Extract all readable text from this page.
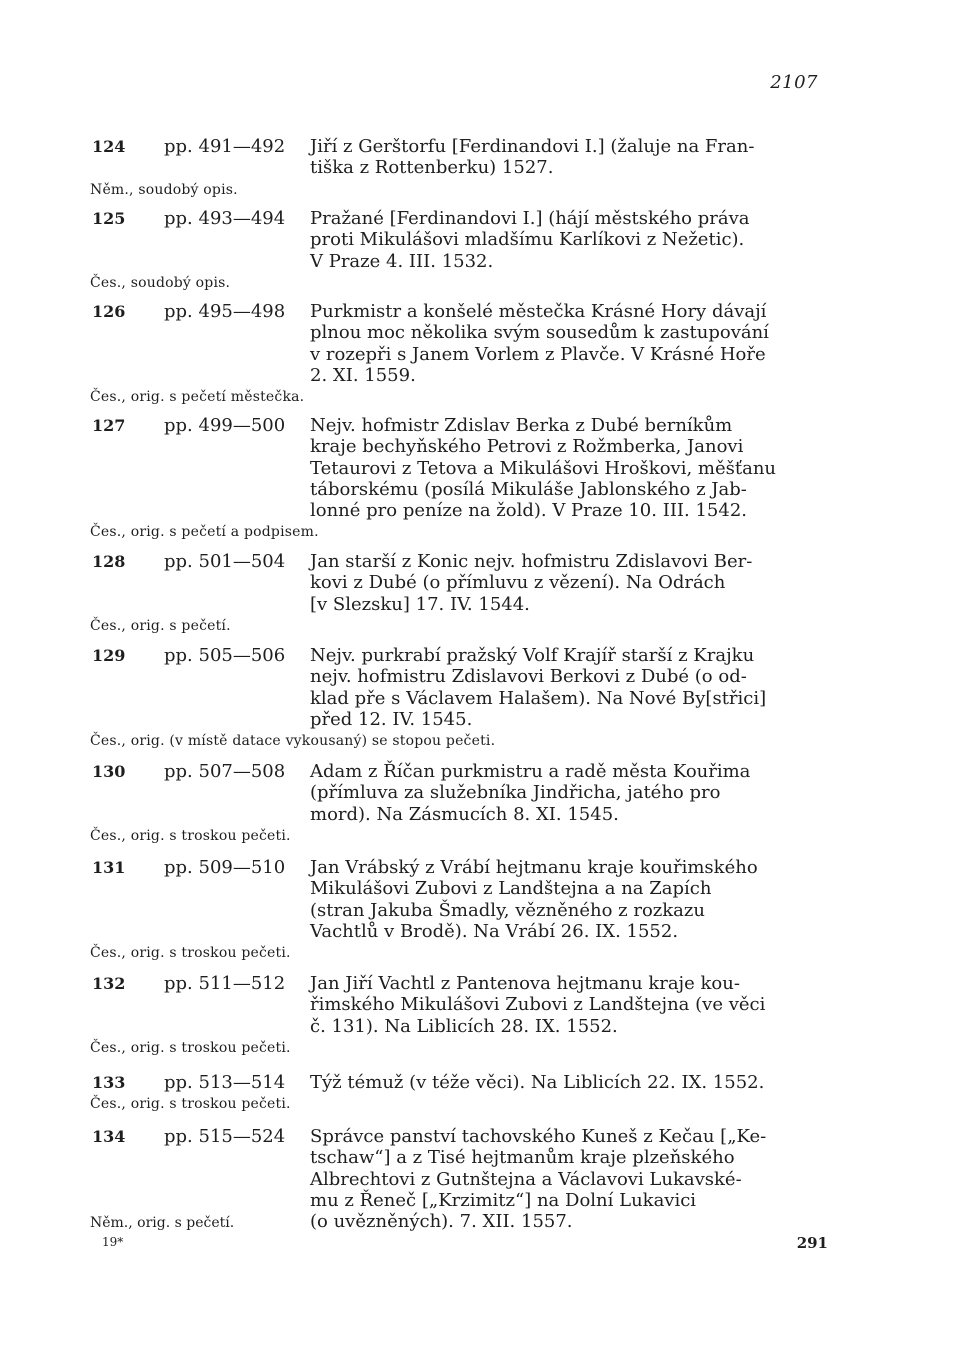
2107
124 pp. 491—492 Jiří z Gerštorfu [Ferdinandovi I.] (žaluje na Fran-
tiška z Rottenberku) 1527.
Něm., soudobý opis.
125 pp. 493—494 Pražané [Ferdinandovi I.] (hájí městského práva
proti Mikulášovi mladšímu Karlíkovi z Nežetic).
V Praze 4. III. 1532.
Čes., soudobý opis.
126 pp. 495—498 Purkmistr a konšelé městečka Krásné Hory dávají
plnou moc několika svým sousedům k zastupování
v rozepři s Janem Vorlem z Plavče. V Krásné Hoře
2. XI. 1559.
Čes., orig. s pečetí městečka.
127 pp. 499—500 Nejv. hofmistr Zdislav Berka z Dubé berníkům
kraje bechyňského Petrovi z Rožmberka, Janovi
Tetaurovi z Tetova a Mikulášovi Hroškovi, měšťanu
táborskému (posílá Mikuláše Jablonského z Jab-
lonné pro peníze na žold). V Praze 10. III. 1542.
Čes., orig. s pečetí a podpisem.
128 pp. 501—504 Jan starší z Konic nejv. hofmistru Zdislavovi Ber-
kovi z Dubé (o přímluvu z vězení). Na Odrách
[v Slezsku] 17. IV. 1544.
Čes., orig. s pečetí.
129 pp. 505—506 Nejv. purkrabí pražský Volf Krajíř starší z Krajku
nejv. hofmistru Zdislavovi Berkovi z Dubé (o od-
klad pře s Václavem Halašem). Na Nové By[střici]
před 12. IV. 1545.
Čes., orig. (v místě datace vykousaný) se stopou pečeti.
130 pp. 507—508 Adam z Říčan purkmistru a radě města Kouřima
(přímluva za služebníka Jindřicha, jatého pro
mord). Na Zásmucích 8. XI. 1545.
Čes., orig. s troskou pečeti.
131 pp. 509—510 Jan Vrábský z Vrábí hejtmanu kraje kouřimského
Mikulášovi Zubovi z Landštejna a na Zapích
(stran Jakuba Šmadly, vězněného z rozkazu
Vachtlů v Brodě). Na Vrábí 26. IX. 1552.
Čes., orig. s troskou pečeti.
132 pp. 511—512 Jan Jiří Vachtl z Pantenova hejtmanu kraje kou-
řimského Mikulášovi Zubovi z Landštejna (ve věci
č. 131). Na Liblicích 28. IX. 1552.
Čes., orig. s troskou pečeti.
133 pp. 513—514 Týž témuž (v téže věci). Na Liblicích 22. IX. 1552.
Čes., orig. s troskou pečeti.
134 pp. 515—524 Správce panství tachovského Kuneš z Kečau [„Ke-
tschaw“] a z Tisé hejtmanům kraje plzeňského
Albrechtovi z Gutnštejna a Václavovi Lukavské-
mu z Řeneč [„Krzimitz“] na Dolní Lukavici
(o uvězněných). 7. XII. 1557.
Něm., orig. s pečetí.
19*	291
